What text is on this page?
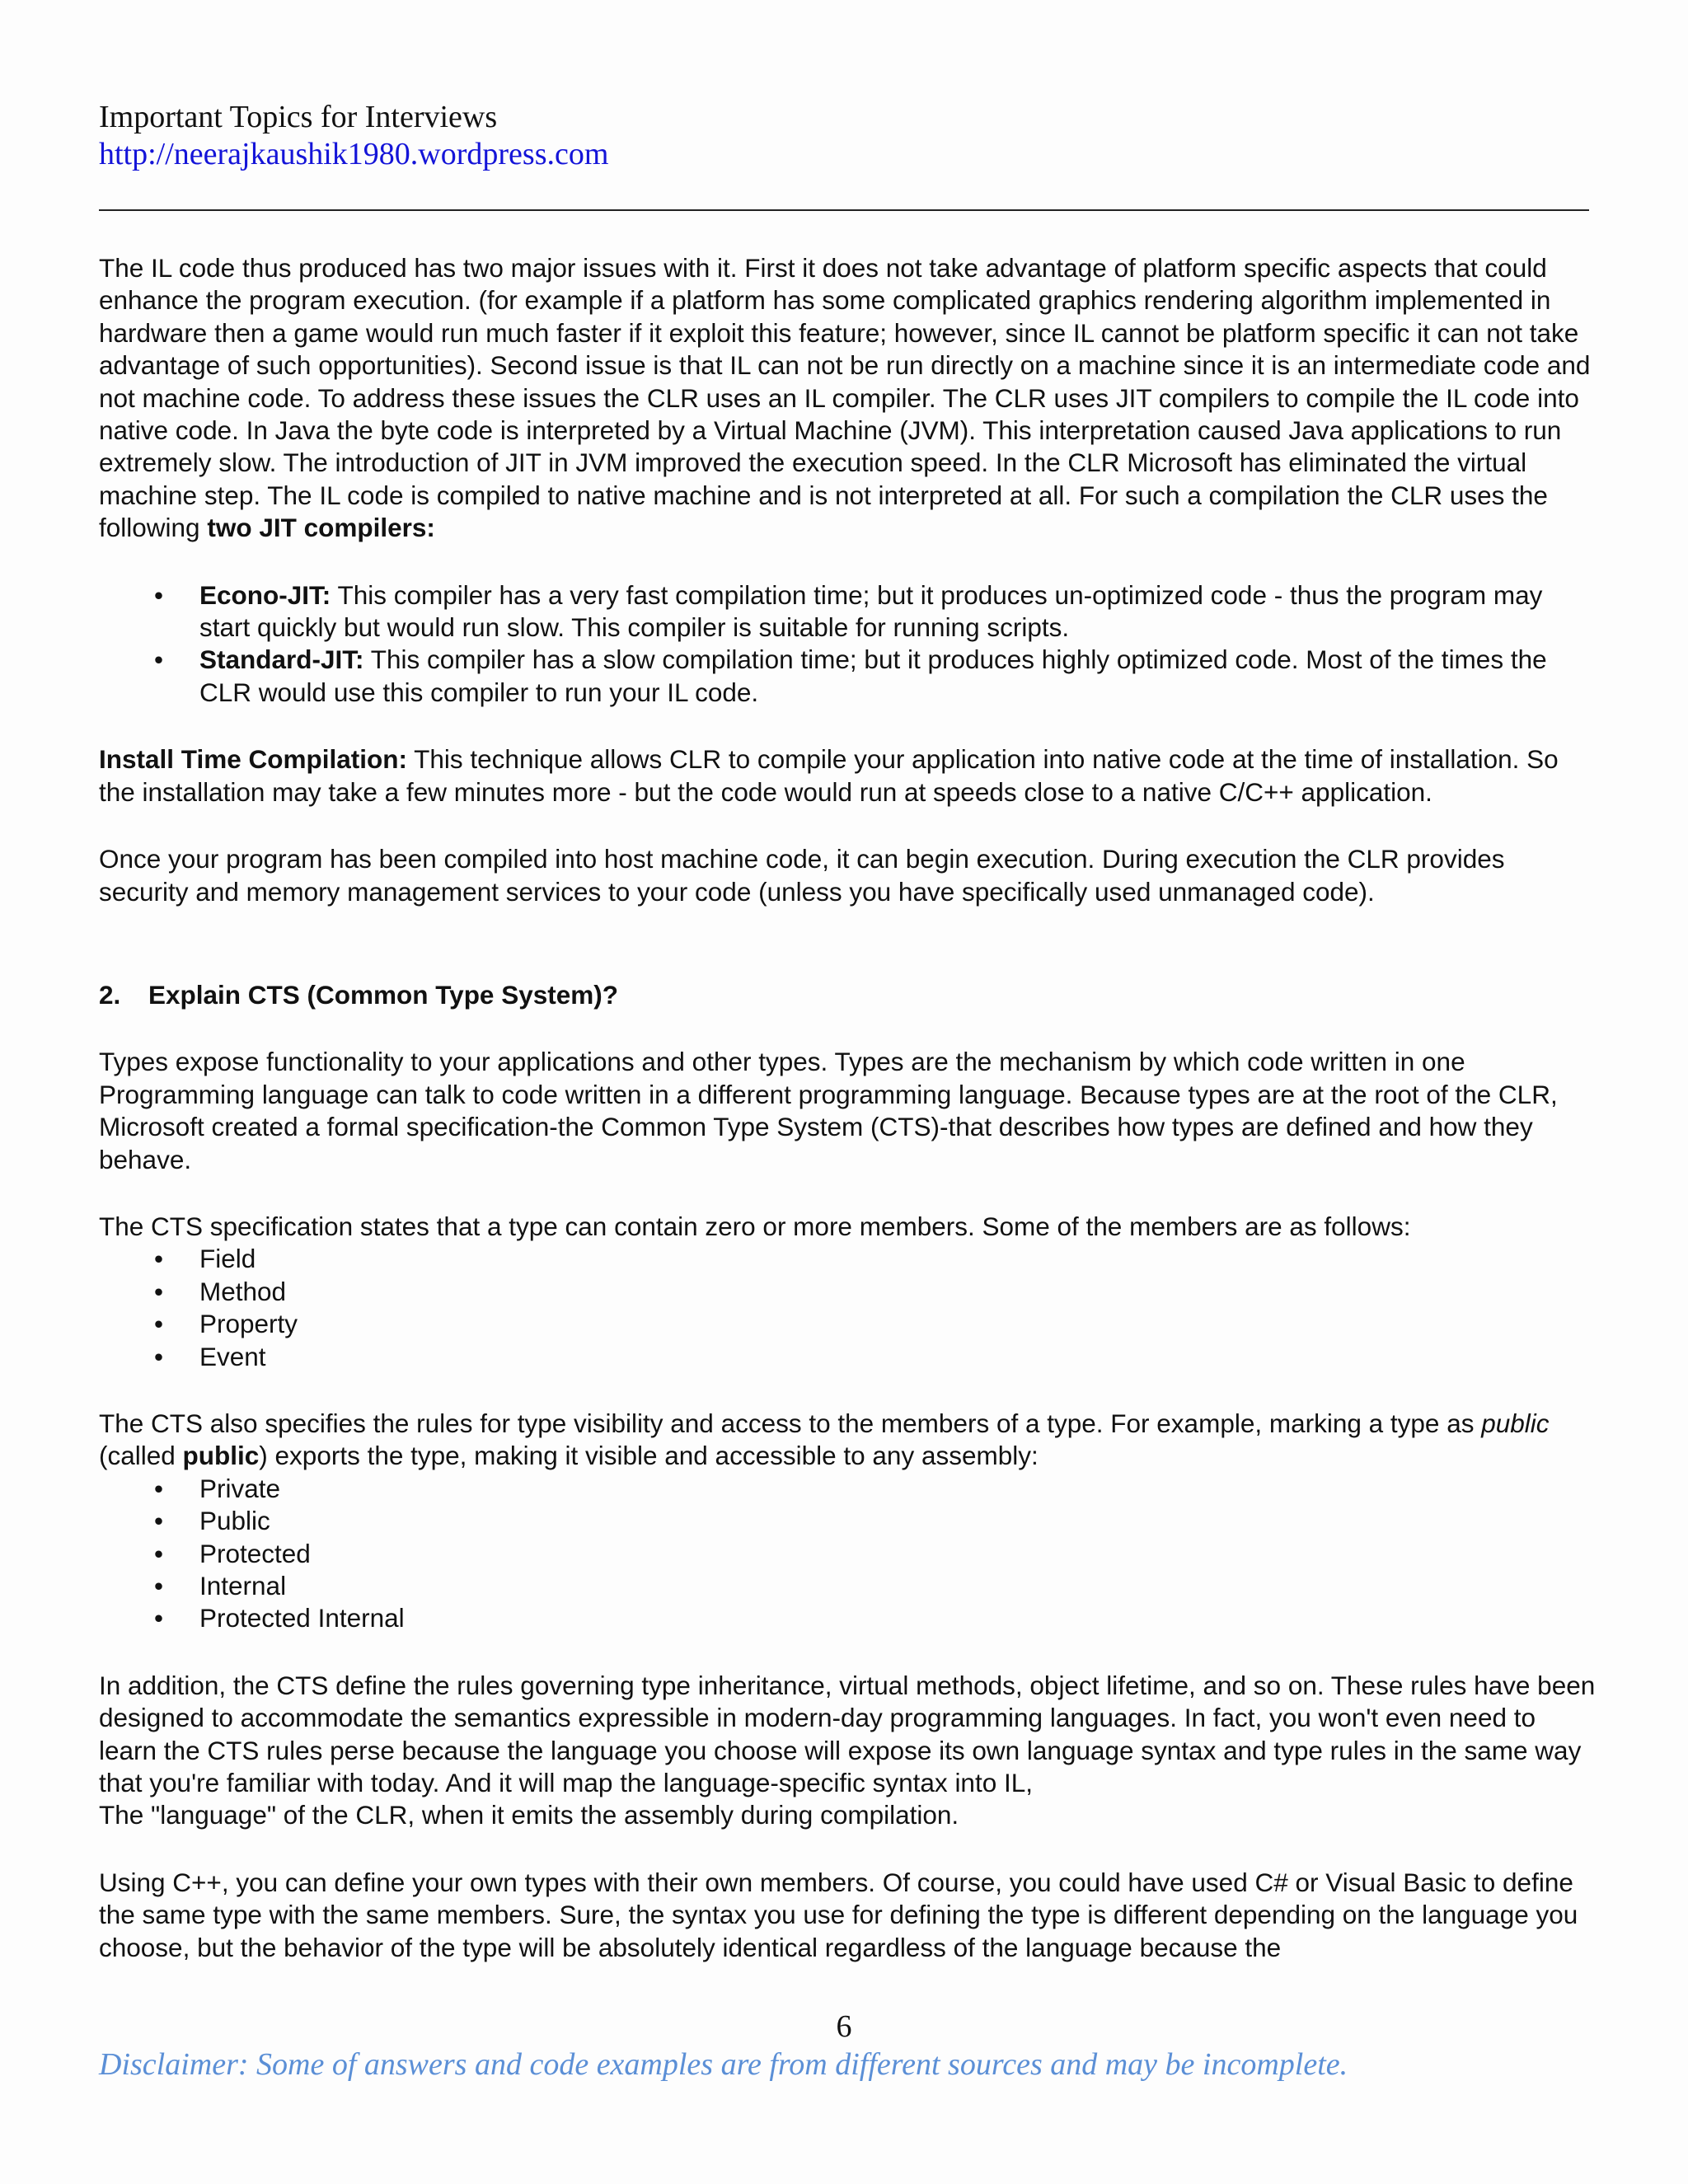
Important Topics for Interviews
http://neerajkaushik1980.wordpress.com

The IL code thus produced has two major issues with it. First it does not take advantage of platform specific aspects that could enhance the program execution. (for example if a platform has some complicated graphics rendering algorithm implemented in hardware then a game would run much faster if it exploit this feature; however, since IL cannot be platform specific it can not take advantage of such opportunities). Second issue is that IL can not be run directly on a machine since it is an intermediate code and not machine code. To address these issues the CLR uses an IL compiler. The CLR uses JIT compilers to compile the IL code into native code. In Java the byte code is interpreted by a Virtual Machine (JVM). This interpretation caused Java applications to run extremely slow. The introduction of JIT in JVM improved the execution speed. In the CLR Microsoft has eliminated the virtual machine step. The IL code is compiled to native machine and is not interpreted at all. For such a compilation the CLR uses the following two JIT compilers:

• Econo-JIT: This compiler has a very fast compilation time; but it produces un-optimized code - thus the program may start quickly but would run slow. This compiler is suitable for running scripts.
• Standard-JIT: This compiler has a slow compilation time; but it produces highly optimized code. Most of the times the CLR would use this compiler to run your IL code.

Install Time Compilation: This technique allows CLR to compile your application into native code at the time of installation. So the installation may take a few minutes more - but the code would run at speeds close to a native C/C++ application.

Once your program has been compiled into host machine code, it can begin execution. During execution the CLR provides security and memory management services to your code (unless you have specifically used unmanaged code).

2. Explain CTS (Common Type System)?

Types expose functionality to your applications and other types. Types are the mechanism by which code written in one Programming language can talk to code written in a different programming language. Because types are at the root of the CLR, Microsoft created a formal specification-the Common Type System (CTS)-that describes how types are defined and how they behave.

The CTS specification states that a type can contain zero or more members. Some of the members are as follows:

• Field
• Method
• Property
• Event

The CTS also specifies the rules for type visibility and access to the members of a type. For example, marking a type as public (called public) exports the type, making it visible and accessible to any assembly:

• Private
• Public
• Protected
• Internal
• Protected Internal

In addition, the CTS define the rules governing type inheritance, virtual methods, object lifetime, and so on. These rules have been designed to accommodate the semantics expressible in modern-day programming languages. In fact, you won't even need to learn the CTS rules perse because the language you choose will expose its own language syntax and type rules in the same way that you're familiar with today. And it will map the language-specific syntax into IL,
The "language" of the CLR, when it emits the assembly during compilation.

Using C++, you can define your own types with their own members. Of course, you could have used C# or Visual Basic to define the same type with the same members. Sure, the syntax you use for defining the type is different depending on the language you choose, but the behavior of the type will be absolutely identical regardless of the language because the

6
Disclaimer: Some of answers and code examples are from different sources and may be incomplete.
